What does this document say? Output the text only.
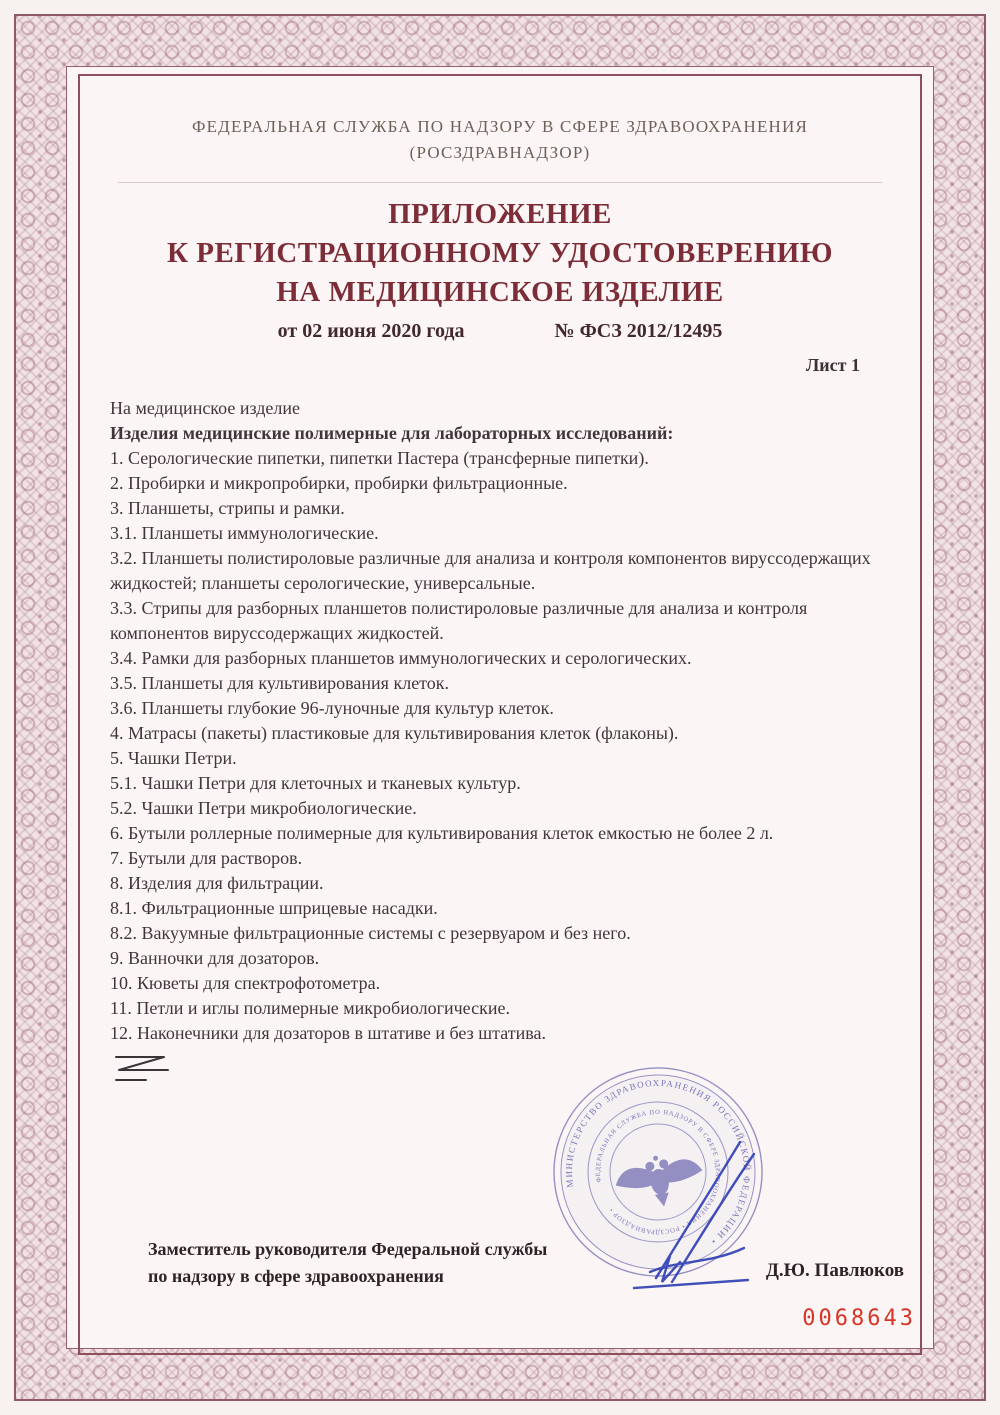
ФЕДЕРАЛЬНАЯ СЛУЖБА ПО НАДЗОРУ В СФЕРЕ ЗДРАВООХРАНЕНИЯ
(РОСЗДРАВНАДЗОР)
ПРИЛОЖЕНИЕ
К РЕГИСТРАЦИОННОМУ УДОСТОВЕРЕНИЮ
НА МЕДИЦИНСКОЕ ИЗДЕЛИЕ
от 02 июня 2020 года	№ ФСЗ 2012/12495
Лист 1
На медицинское изделие
Изделия медицинские полимерные для лабораторных исследований:
1. Серологические пипетки, пипетки Пастера (трансферные пипетки).
2. Пробирки и микропробирки, пробирки фильтрационные.
3. Планшеты, стрипы и рамки.
3.1. Планшеты иммунологические.
3.2. Планшеты полистироловые различные для анализа и контроля компонентов вируссодержащих жидкостей; планшеты серологические, универсальные.
3.3. Стрипы для разборных планшетов полистироловые различные для анализа и контроля компонентов вируссодержащих жидкостей.
3.4. Рамки для разборных планшетов иммунологических и серологических.
3.5. Планшеты для культивирования клеток.
3.6. Планшеты глубокие 96-луночные для культур клеток.
4. Матрасы (пакеты) пластиковые для культивирования клеток (флаконы).
5. Чашки Петри.
5.1. Чашки Петри для клеточных и тканевых культур.
5.2. Чашки Петри микробиологические.
6. Бутыли роллерные полимерные для культивирования клеток емкостью не более 2 л.
7. Бутыли для растворов.
8. Изделия для фильтрации.
8.1. Фильтрационные шприцевые насадки.
8.2. Вакуумные фильтрационные системы с резервуаром и без него.
9. Ванночки для дозаторов.
10. Кюветы для спектрофотометра.
11. Петли и иглы полимерные микробиологические.
12. Наконечники для дозаторов в штативе и без штатива.
МИНИСТЕРСТВО ЗДРАВООХРАНЕНИЯ РОССИЙСКОЙ ФЕДЕРАЦИИ •
ФЕДЕРАЛЬНАЯ СЛУЖБА ПО НАДЗОРУ В СФЕРЕ ЗДРАВООХРАНЕНИЯ • РОСЗДРАВНАДЗОР •
Заместитель руководителя Федеральной службы
по надзору в сфере здравоохранения	Д.Ю. Павлюков
0068643
